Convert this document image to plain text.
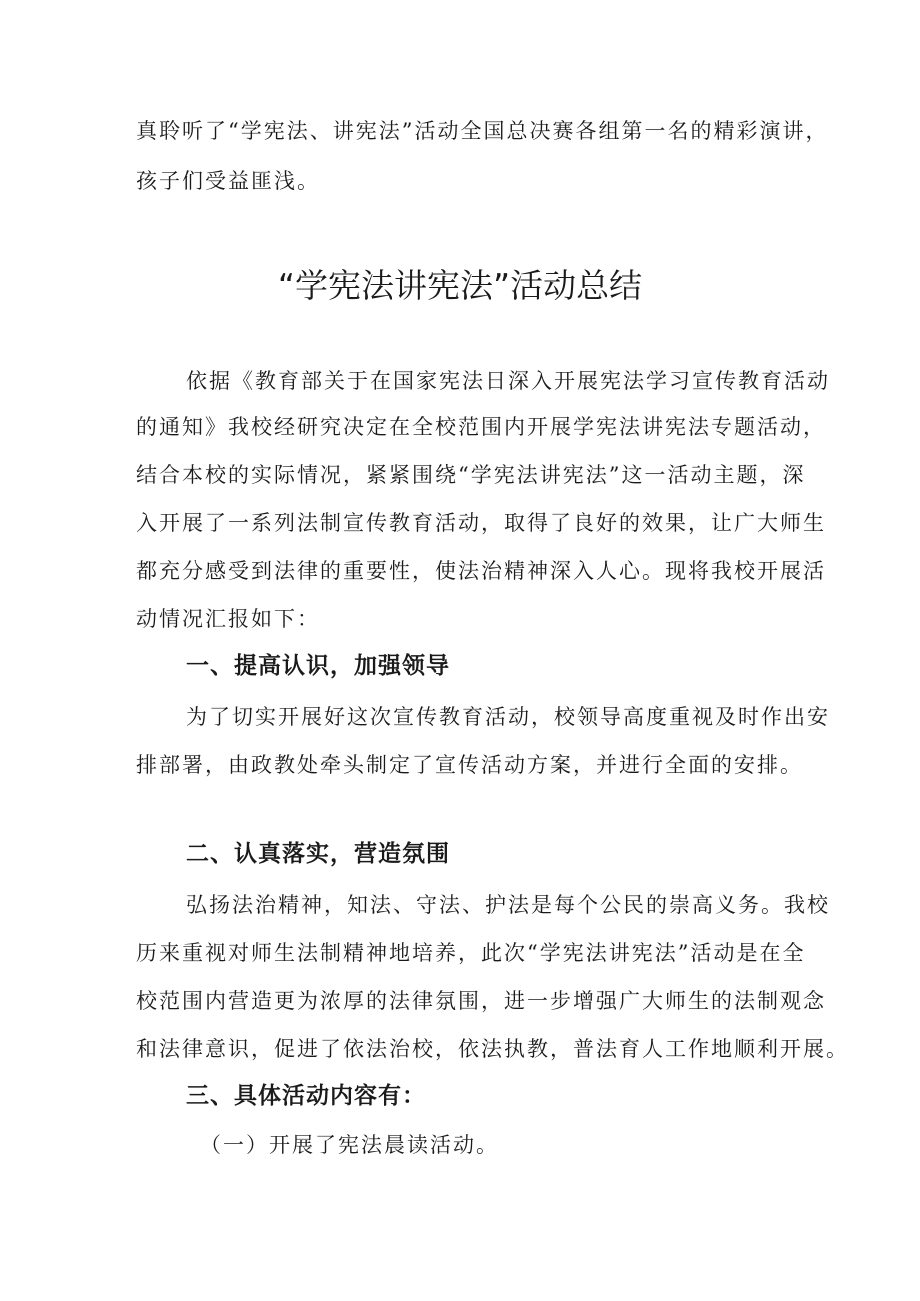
真聆听了“学宪法、讲宪法”活动全国总决赛各组第一名的精彩演讲，

孩子们受益匪浅。

“学宪法讲宪法”活动总结

依据《教育部关于在国家宪法日深入开展宪法学习宣传教育活动

的通知》我校经研究决定在全校范围内开展学宪法讲宪法专题活动，

结合本校的实际情况，紧紧围绕“学宪法讲宪法”这一活动主题，深

入开展了一系列法制宣传教育活动，取得了良好的效果，让广大师生

都充分感受到法律的重要性，使法治精神深入人心。现将我校开展活

动情况汇报如下：

一、提高认识，加强领导

为了切实开展好这次宣传教育活动，校领导高度重视及时作出安

排部署，由政教处牵头制定了宣传活动方案，并进行全面的安排。

二、认真落实，营造氛围

弘扬法治精神，知法、守法、护法是每个公民的崇高义务。我校

历来重视对师生法制精神地培养，此次“学宪法讲宪法”活动是在全

校范围内营造更为浓厚的法律氛围，进一步增强广大师生的法制观念

和法律意识，促进了依法治校，依法执教，普法育人工作地顺利开展。

三、具体活动内容有：

（一）开展了宪法晨读活动。
